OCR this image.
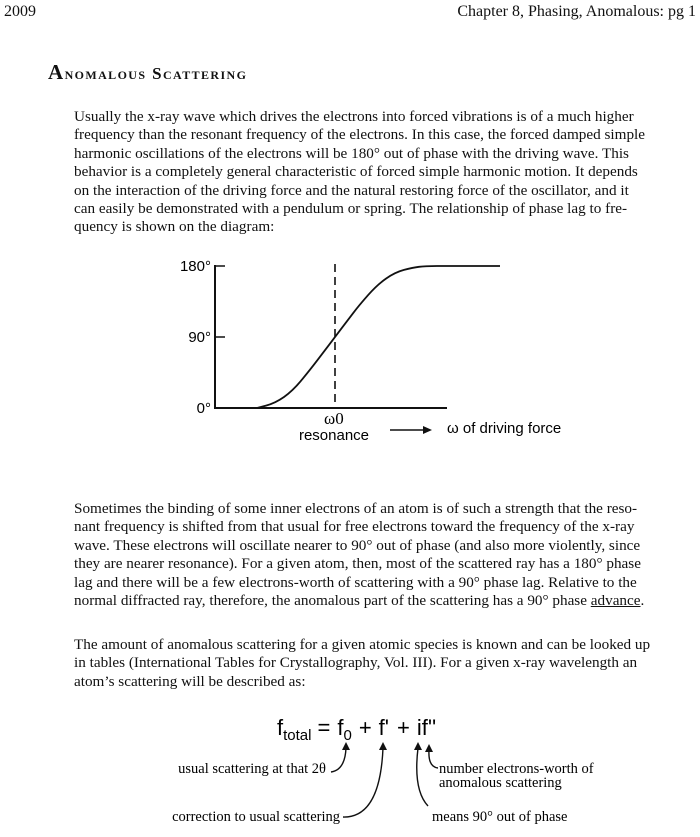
2009	Chapter 8, Phasing, Anomalous: pg 1
Anomalous Scattering
Usually the x-ray wave which drives the electrons into forced vibrations is of a much higher
frequency than the resonant frequency of the electrons. In this case, the forced damped simple
harmonic oscillations of the electrons will be 180° out of phase with the driving wave. This
behavior is a completely general characteristic of forced simple harmonic motion. It depends
on the interaction of the driving force and the natural restoring force of the oscillator, and it
can easily be demonstrated with a pendulum or spring. The relationship of phase lag to fre-
quency is shown on the diagram:
180°
90°
0°
ω0
resonance	ω of driving force
$f_{total} = f_0 + f' + if''$
usual scattering at that 2θ
correction to usual scattering
number electrons-worth of
anomalous scattering
means 90° out of phase
Sometimes the binding of some inner electrons of an atom is of such a strength that the reso-
nant frequency is shifted from that usual for free electrons toward the frequency of the x-ray
wave. These electrons will oscillate nearer to 90° out of phase (and also more violently, since
they are nearer resonance). For a given atom, then, most of the scattered ray has a 180° phase
lag and there will be a few electrons-worth of scattering with a 90° phase lag. Relative to the
normal diffracted ray, therefore, the anomalous part of the scattering has a 90° phase advance.
The amount of anomalous scattering for a given atomic species is known and can be looked up
in tables (International Tables for Crystallography, Vol. III). For a given x-ray wavelength an
atom’s scattering will be described as:
